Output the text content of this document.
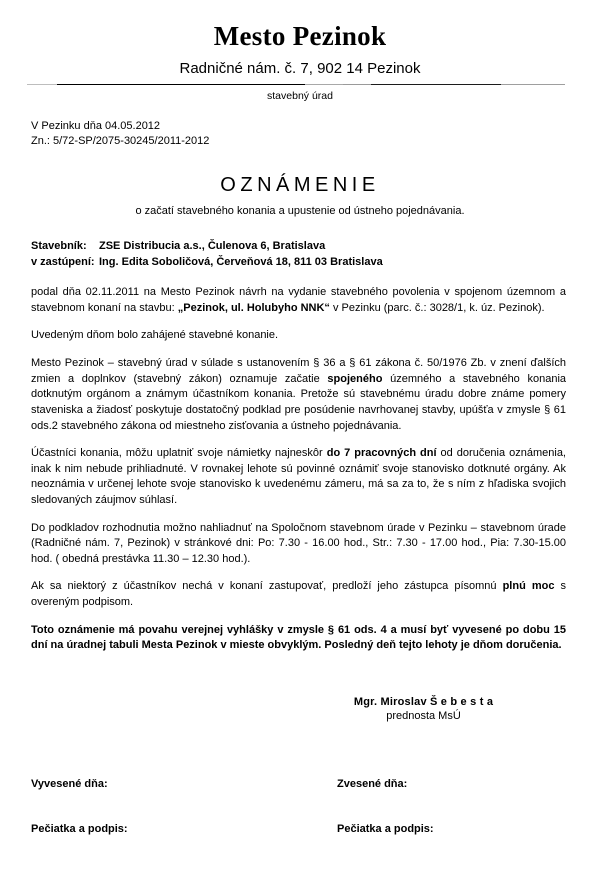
Mesto Pezinok
Radničné nám. č. 7, 902 14 Pezinok
stavebný úrad
V Pezinku dňa 04.05.2012
Zn.: 5/72-SP/2075-30245/2011-2012
OZNÁMENIE
o začatí stavebného konania a upustenie od ústneho pojednávania.
Stavebník: ZSE Distribucia a.s., Čulenova 6, Bratislava
v zastúpení: Ing. Edita Soboličová, Červeňová 18, 811 03 Bratislava

podal dňa 02.11.2011 na Mesto Pezinok návrh na vydanie stavebného povolenia v spojenom územnom a stavebnom konaní na stavbu: „Pezinok, ul. Holubyho NNK“ v Pezinku (parc. č.: 3028/1, k. úz. Pezinok).

Uvedeným dňom bolo zahájené stavebné konanie.

Mesto Pezinok – stavebný úrad v súlade s ustanovením § 36 a § 61 zákona č. 50/1976 Zb. v znení ďalších zmien a doplnkov (stavebný zákon) oznamuje začatie spojeného územného a stavebného konania dotknutým orgánom a známym účastníkom konania. Pretože sú stavebnému úradu dobre známe pomery staveniska a žiadosť poskytuje dostatočný podklad pre posúdenie navrhovanej stavby, upúšťa v zmysle § 61 ods.2 stavebného zákona od miestneho zisťovania a ústneho pojednávania.

Účastníci konania, môžu uplatniť svoje námietky najneskôr do 7 pracovných dní od doručenia oznámenia, inak k nim nebude prihliadnuté. V rovnakej lehote sú povinné oznámiť svoje stanovisko dotknuté orgány. Ak neoznámia v určenej lehote svoje stanovisko k uvedenému zámeru, má sa za to, že s ním z hľadiska svojich sledovaných záujmov súhlasí.

Do podkladov rozhodnutia možno nahliadnuť na Spoločnom stavebnom úrade v Pezinku – stavebnom úrade (Radničné nám. 7, Pezinok) v stránkové dni: Po: 7.30 - 16.00 hod., Str.: 7.30 - 17.00 hod., Pia: 7.30-15.00 hod. ( obedná prestávka 11.30 – 12.30 hod.).

Ak sa niektorý z účastníkov nechá v konaní zastupovať, predloží jeho zástupca písomnú plnú moc s overeným podpisom.

Toto oznámenie má povahu verejnej vyhlášky v zmysle § 61 ods. 4 a musí byť vyvesené po dobu 15 dní na úradnej tabuli Mesta Pezinok v mieste obvyklým. Posledný deň tejto lehoty je dňom doručenia.

Mgr. Miroslav Š e b e s t a
prednosta MsÚ
Vyvesené dňa:	Zvesené dňa:
Pečiatka a podpis:	Pečiatka a podpis:
